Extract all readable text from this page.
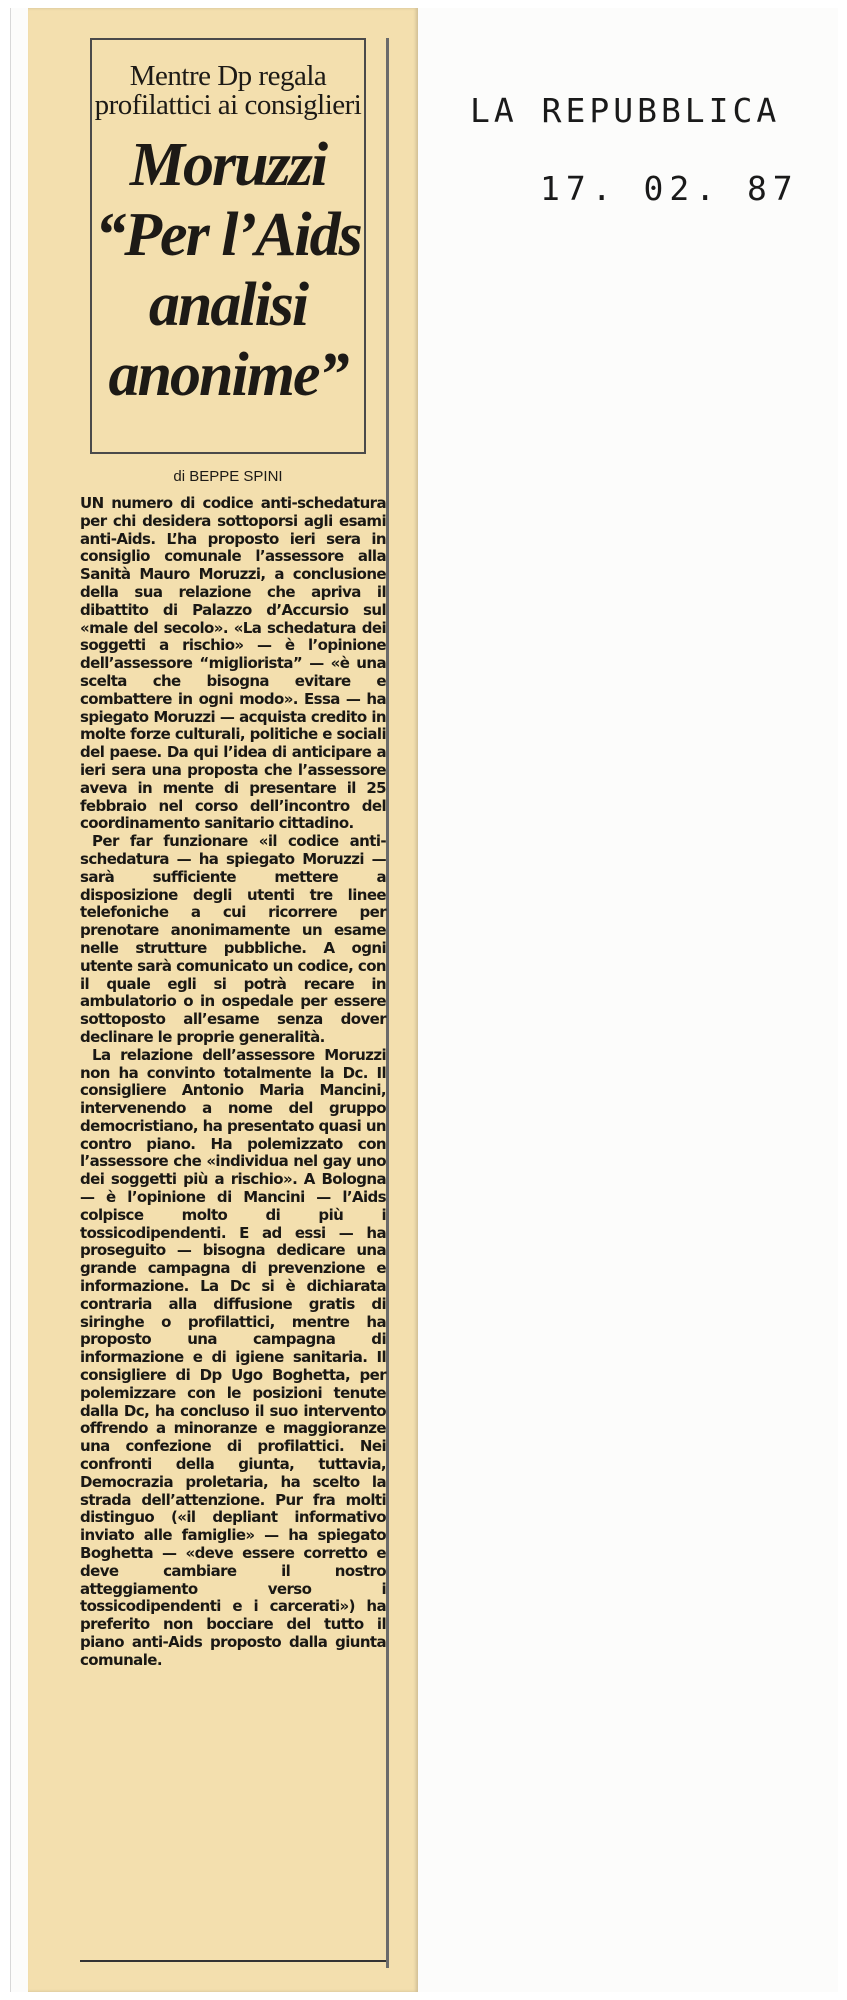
Mentre Dp regala profilattici ai consiglieri
Moruzzi “Per l’Aids analisi anonime”
di BEPPE SPINI

UN numero di codice anti-schedatura per chi desidera sottoporsi agli esami anti-Aids. L’ha proposto ieri sera in consiglio comunale l’assessore alla Sanità Mauro Moruzzi, a conclusione della sua relazione che apriva il dibattito di Palazzo d’Accursio sul «male del secolo». «La schedatura dei soggetti a rischio» — è l’opinione dell’assessore “migliorista” — «è una scelta che bisogna evitare e combattere in ogni modo». Essa — ha spiegato Moruzzi — acquista credito in molte forze culturali, politiche e sociali del paese. Da qui l’idea di anticipare a ieri sera una proposta che l’assessore aveva in mente di presentare il 25 febbraio nel corso dell’incontro del coordinamento sanitario cittadino.

Per far funzionare «il codice anti-schedatura — ha spiegato Moruzzi — sarà sufficiente mettere a disposizione degli utenti tre linee telefoniche a cui ricorrere per prenotare anonimamente un esame nelle strutture pubbliche. A ogni utente sarà comunicato un codice, con il quale egli si potrà recare in ambulatorio o in ospedale per essere sottoposto all’esame senza dover declinare le proprie generalità.

La relazione dell’assessore Moruzzi non ha convinto totalmente la Dc. Il consigliere Antonio Maria Mancini, intervenendo a nome del gruppo democristiano, ha presentato quasi un contro piano. Ha polemizzato con l’assessore che «individua nel gay uno dei soggetti più a rischio». A Bologna — è l’opinione di Mancini — l’Aids colpisce molto di più i tossicodipendenti. E ad essi — ha proseguito — bisogna dedicare una grande campagna di prevenzione e informazione. La Dc si è dichiarata contraria alla diffusione gratis di siringhe o profilattici, mentre ha proposto una campagna di informazione e di igiene sanitaria. Il consigliere di Dp Ugo Boghetta, per polemizzare con le posizioni tenute dalla Dc, ha concluso il suo intervento offrendo a minoranze e maggioranze una confezione di profilattici. Nei confronti della giunta, tuttavia, Democrazia proletaria, ha scelto la strada dell’attenzione. Pur fra molti distinguo («il depliant informativo inviato alle famiglie» — ha spiegato Boghetta — «deve essere corretto e deve cambiare il nostro atteggiamento verso i tossicodipendenti e i carcerati») ha preferito non bocciare del tutto il piano anti-Aids proposto dalla giunta comunale.

LA REPUBBLICA
17. 02. 87
